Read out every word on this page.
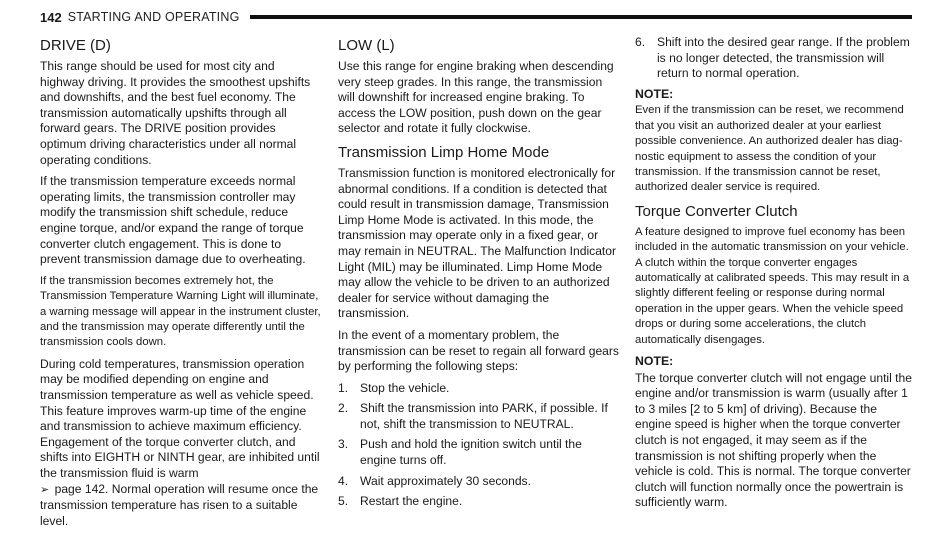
142 STARTING AND OPERATING
DRIVE (D)

This range should be used for most city and highway driving. It provides the smoothest upshifts and downshifts, and the best fuel economy. The transmission automatically upshifts through all forward gears. The DRIVE position provides optimum driving characteristics under all normal operating conditions.

If the transmission temperature exceeds normal operating limits, the transmission controller may modify the transmission shift schedule, reduce engine torque, and/or expand the range of torque converter clutch engagement. This is done to prevent transmission damage due to overheating.

If the transmission becomes extremely hot, the Transmission Temperature Warning Light will illuminate, a warning message will appear in the instrument cluster, and the transmission may operate differently until the transmission cools down.

During cold temperatures, transmission operation may be modified depending on engine and transmission temperature as well as vehicle speed. This feature improves warm-up time of the engine and transmission to achieve maximum efficiency. Engagement of the torque converter clutch, and shifts into EIGHTH or NINTH gear, are inhibited until the transmission fluid is warm
➢ page 142. Normal operation will resume once the transmission temperature has risen to a suitable level.

LOW (L)

Use this range for engine braking when descending very steep grades. In this range, the transmission will downshift for increased engine braking. To access the LOW position, push down on the gear selector and rotate it fully clockwise.

Transmission Limp Home Mode

Transmission function is monitored electronically for abnormal conditions. If a condition is detected that could result in transmission damage, Transmission Limp Home Mode is activated. In this mode, the transmission may operate only in a fixed gear, or may remain in NEUTRAL. The Malfunction Indicator Light (MIL) may be illuminated. Limp Home Mode may allow the vehicle to be driven to an authorized dealer for service without damaging the transmission.

In the event of a momentary problem, the transmission can be reset to regain all forward gears by performing the following steps:

1. Stop the vehicle.
2. Shift the transmission into PARK, if possible. If not, shift the transmission to NEUTRAL.
3. Push and hold the ignition switch until the engine turns off.
4. Wait approximately 30 seconds.
5. Restart the engine.
6. Shift into the desired gear range. If the problem is no longer detected, the transmission will return to normal operation.
NOTE:

Even if the transmission can be reset, we recommend that you visit an authorized dealer at your earliest possible convenience. An authorized dealer has diag-nostic equipment to assess the condition of your transmission. If the transmission cannot be reset, authorized dealer service is required.

Torque Converter Clutch

A feature designed to improve fuel economy has been included in the automatic transmission on your vehicle. A clutch within the torque converter engages automatically at calibrated speeds. This may result in a slightly different feeling or response during normal operation in the upper gears. When the vehicle speed drops or during some accelerations, the clutch automatically disengages.

NOTE:

The torque converter clutch will not engage until the engine and/or transmission is warm (usually after 1 to 3 miles [2 to 5 km] of driving). Because the engine speed is higher when the torque converter clutch is not engaged, it may seem as if the transmission is not shifting properly when the vehicle is cold. This is normal. The torque converter clutch will function normally once the powertrain is sufficiently warm.
